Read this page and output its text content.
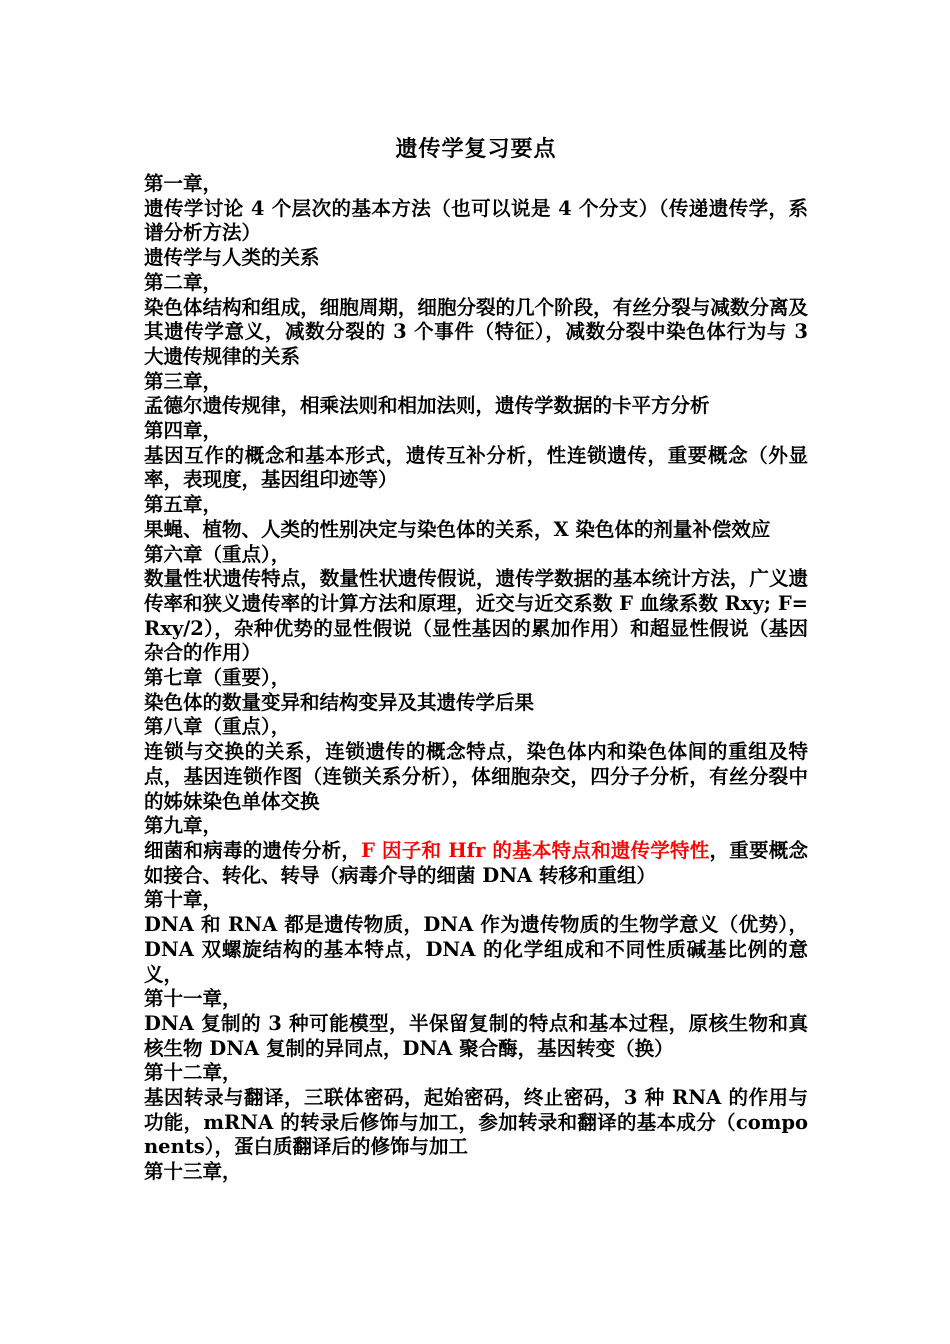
遗传学复习要点

第一章，

遗传学讨论 4 个层次的基本方法（也可以说是 4 个分支）（传递遗传学，系谱分析方法）

遗传学与人类的关系

第二章，

染色体结构和组成，细胞周期，细胞分裂的几个阶段，有丝分裂与减数分离及其遗传学意义，减数分裂的 3 个事件（特征），减数分裂中染色体行为与 3 大遗传规律的关系

第三章，

孟德尔遗传规律，相乘法则和相加法则，遗传学数据的卡平方分析

第四章，

基因互作的概念和基本形式，遗传互补分析，性连锁遗传，重要概念（外显率，表现度，基因组印迹等）

第五章，

果蝇、植物、人类的性别决定与染色体的关系，X 染色体的剂量补偿效应

第六章（重点），

数量性状遗传特点，数量性状遗传假说，遗传学数据的基本统计方法，广义遗传率和狭义遗传率的计算方法和原理，近交与近交系数 F 血缘系数 Rxy; F=Rxy/2），杂种优势的显性假说（显性基因的累加作用）和超显性假说（基因杂合的作用）

第七章（重要），

染色体的数量变异和结构变异及其遗传学后果

第八章（重点），

连锁与交换的关系，连锁遗传的概念特点，染色体内和染色体间的重组及特点，基因连锁作图（连锁关系分析），体细胞杂交，四分子分析，有丝分裂中的姊妹染色单体交换

第九章，

细菌和病毒的遗传分析，F 因子和 Hfr 的基本特点和遗传学特性，重要概念如接合、转化、转导（病毒介导的细菌 DNA 转移和重组）

第十章，

DNA 和 RNA 都是遗传物质，DNA 作为遗传物质的生物学意义（优势），DNA 双螺旋结构的基本特点，DNA 的化学组成和不同性质碱基比例的意义，

第十一章，

DNA 复制的 3 种可能模型，半保留复制的特点和基本过程，原核生物和真核生物 DNA 复制的异同点，DNA 聚合酶，基因转变（换）

第十二章，

基因转录与翻译，三联体密码，起始密码，终止密码，3 种 RNA 的作用与功能，mRNA 的转录后修饰与加工，参加转录和翻译的基本成分（components），蛋白质翻译后的修饰与加工

第十三章，
